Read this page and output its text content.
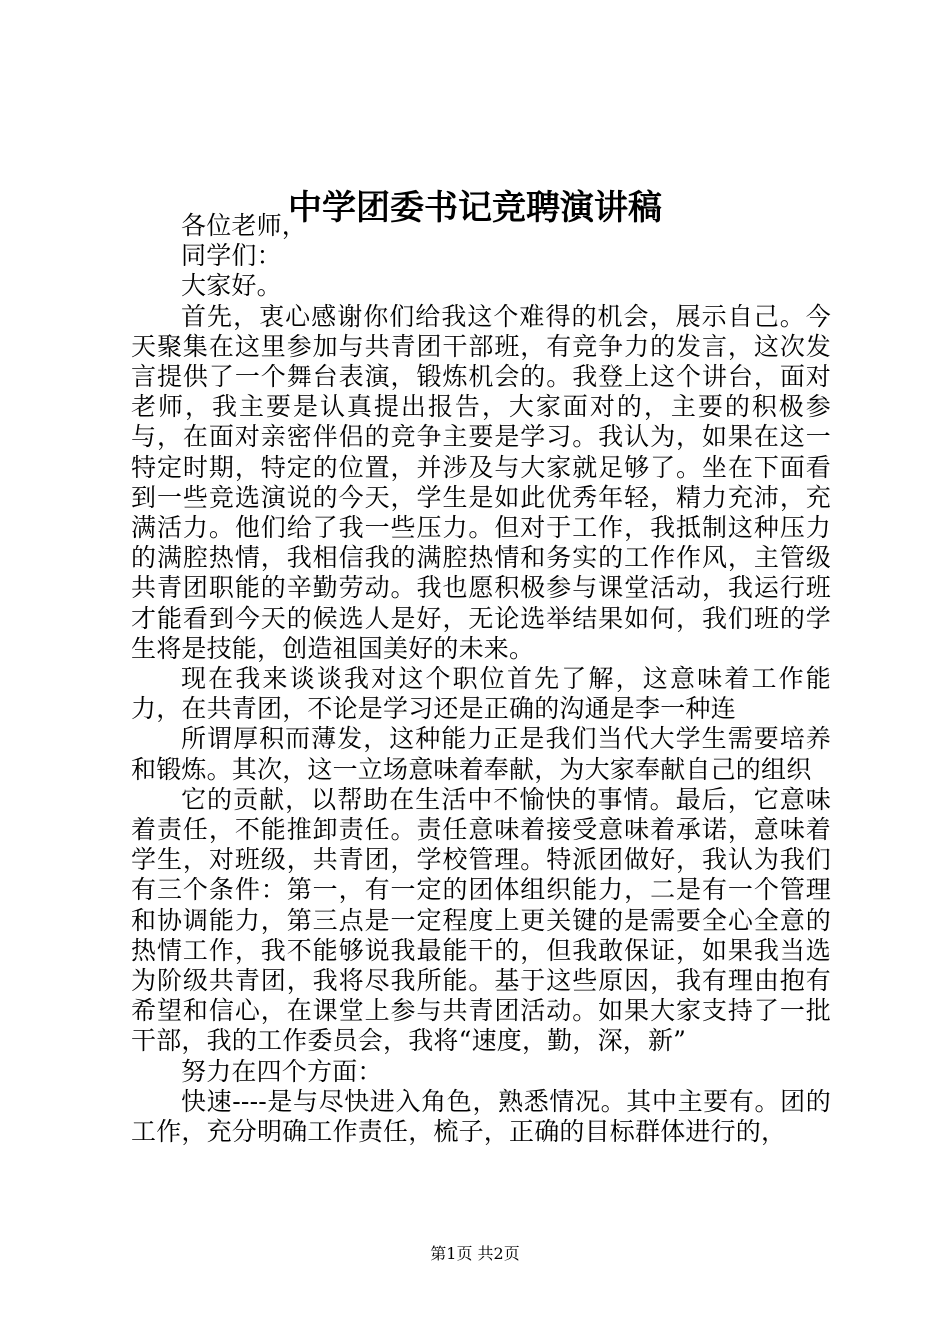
中学团委书记竞聘演讲稿

各位老师，

同学们：

大家好。

首先，衷心感谢你们给我这个难得的机会，展示自己。今天聚集在这里参加与共青团干部班，有竞争力的发言，这次发言提供了一个舞台表演，锻炼机会的。我登上这个讲台，面对老师，我主要是认真提出报告，大家面对的，主要的积极参与，在面对亲密伴侣的竞争主要是学习。我认为，如果在这一特定时期，特定的位置，并涉及与大家就足够了。坐在下面看到一些竞选演说的今天，学生是如此优秀年轻，精力充沛，充满活力。他们给了我一些压力。但对于工作，我抵制这种压力的满腔热情，我相信我的满腔热情和务实的工作作风，主管级共青团职能的辛勤劳动。我也愿积极参与课堂活动，我运行班才能看到今天的候选人是好，无论选举结果如何，我们班的学生将是技能，创造祖国美好的未来。

现在我来谈谈我对这个职位首先了解，这意味着工作能力，在共青团，不论是学习还是正确的沟通是李一种连

所谓厚积而薄发，这种能力正是我们当代大学生需要培养和锻炼。其次，这一立场意味着奉献，为大家奉献自己的组织

它的贡献，以帮助在生活中不愉快的事情。最后，它意味着责任，不能推卸责任。责任意味着接受意味着承诺，意味着学生，对班级，共青团，学校管理。特派团做好，我认为我们有三个条件：第一，有一定的团体组织能力，二是有一个管理和协调能力，第三点是一定程度上更关键的是需要全心全意的热情工作，我不能够说我最能干的，但我敢保证，如果我当选为阶级共青团，我将尽我所能。基于这些原因，我有理由抱有希望和信心，在课堂上参与共青团活动。如果大家支持了一批干部，我的工作委员会，我将“速度，勤，深，新”

努力在四个方面：

快速----是与尽快进入角色，熟悉情况。其中主要有。团的工作，充分明确工作责任，梳子，正确的目标群体进行的，

第1页 共2页
